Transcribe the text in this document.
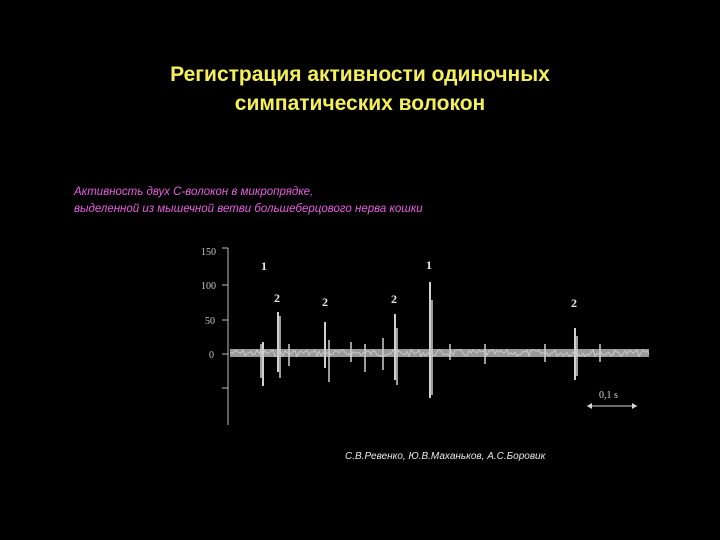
Регистрация активности одиночных
симпатических волокон
Активность двух С-волокон в микропрядке,
выделенной из мышечной ветви большеберцового нерва кошки
150
100
50
0
1	1
2	2	2	2
0,1 s
С.В.Ревенко, Ю.В.Маханьков, А.С.Боровик
